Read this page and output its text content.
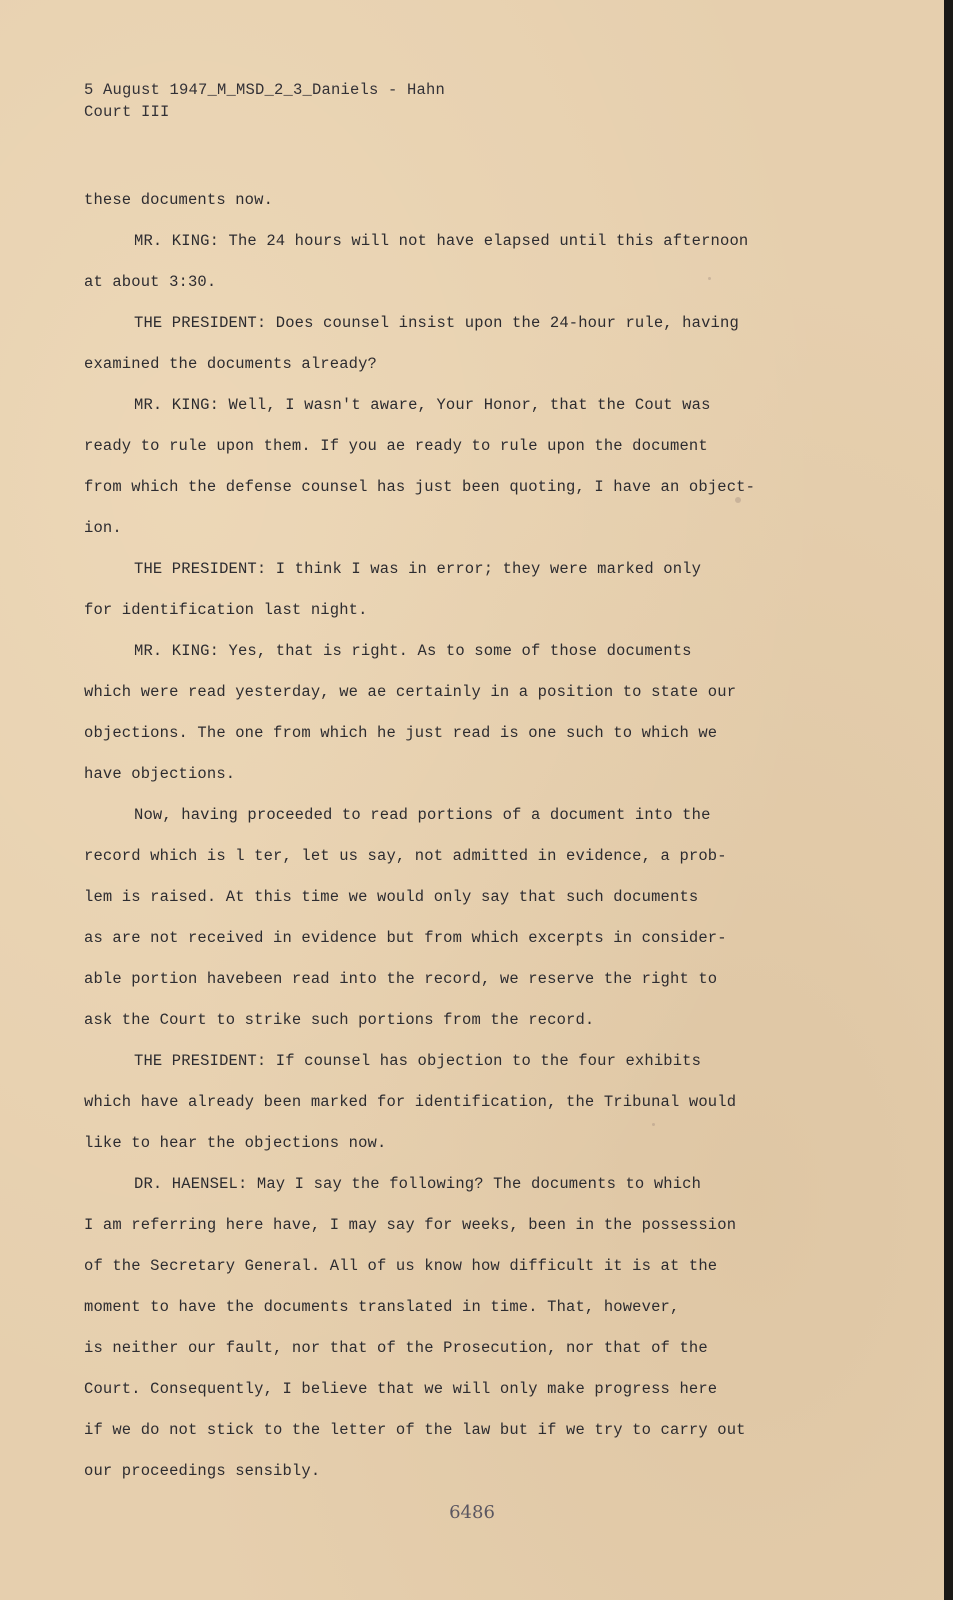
5 August 1947_M_MSD_2_3_Daniels - Hahn
Court III
these documents now.
MR. KING: The 24 hours will not have elapsed until this afternoon
at about 3:30.
THE PRESIDENT: Does counsel insist upon the 24-hour rule, having
examined the documents already?
MR. KING: Well, I wasn't aware, Your Honor, that the Cout was
ready to rule upon them. If you ae ready to rule upon the document
from which the defense counsel has just been quoting, I have an object-
ion.
THE PRESIDENT: I think I was in error; they were marked only
for identification last night.
MR. KING: Yes, that is right. As to some of those documents
which were read yesterday, we ae certainly in a position to state our
objections. The one from which he just read is one such to which we
have objections.
Now, having proceeded to read portions of a document into the
record which is l ter, let us say, not admitted in evidence, a prob-
lem is raised. At this time we would only say that such documents
as are not received in evidence but from which excerpts in consider-
able portion havebeen read into the record, we reserve the right to
ask the Court to strike such portions from the record.
THE PRESIDENT: If counsel has objection to the four exhibits
which have already been marked for identification, the Tribunal would
like to hear the objections now.
DR. HAENSEL: May I say the following? The documents to which
I am referring here have, I may say for weeks, been in the possession
of the Secretary General. All of us know how difficult it is at the
moment to have the documents translated in time. That, however,
is neither our fault, nor that of the Prosecution, nor that of the
Court. Consequently, I believe that we will only make progress here
if we do not stick to the letter of the law but if we try to carry out
our proceedings sensibly.
6486
